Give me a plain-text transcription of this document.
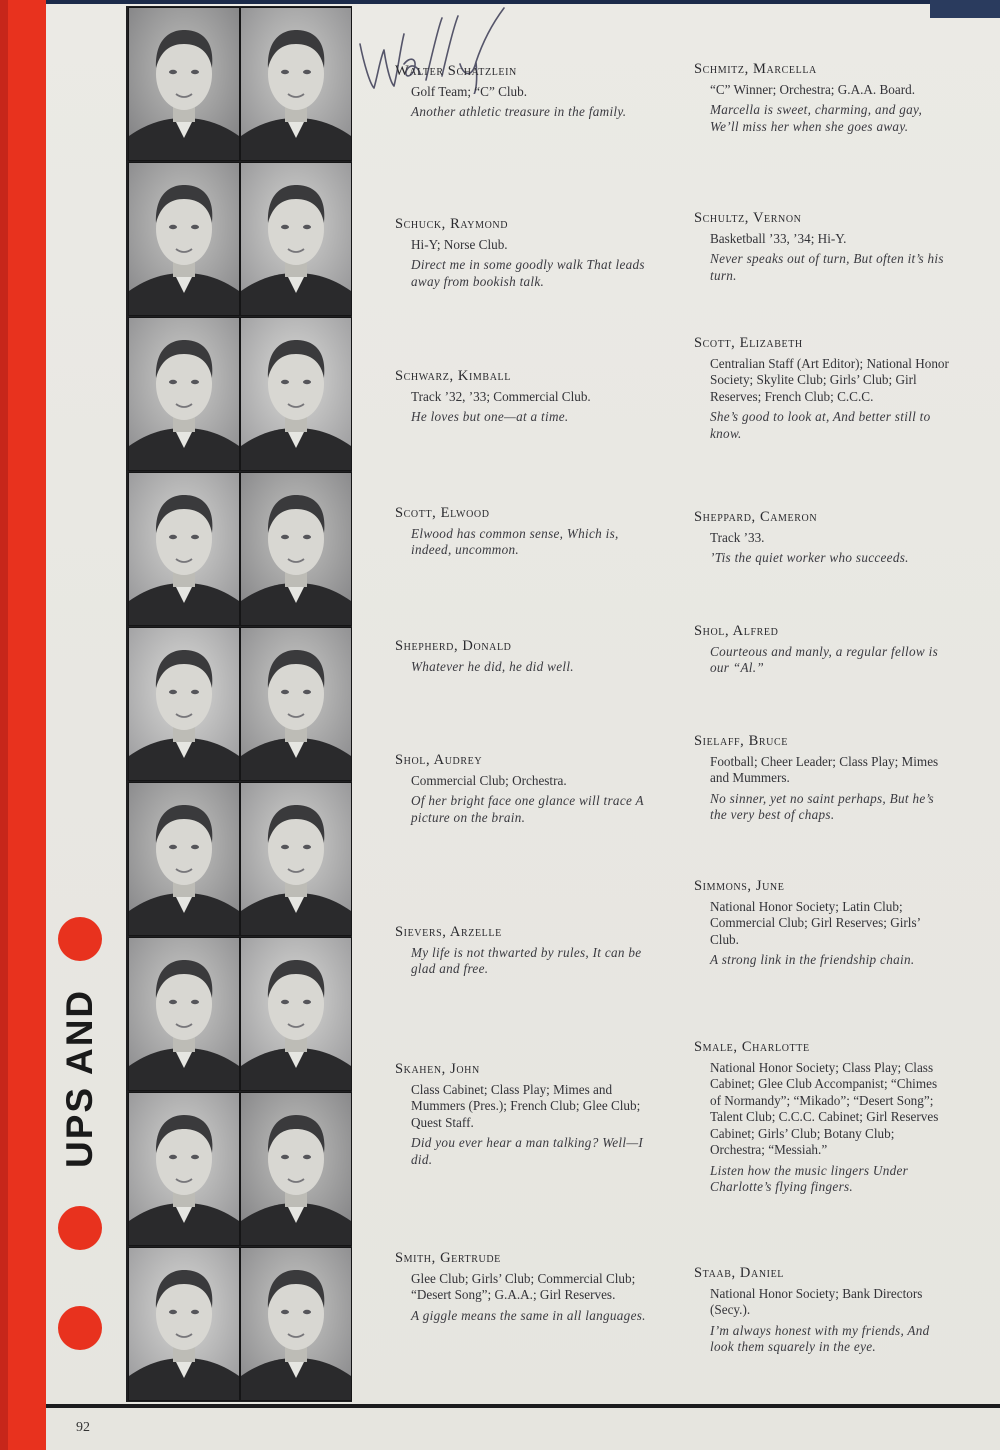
UPS AND
Walter Schatzlein
Golf Team; “C” Club.
Another athletic treasure in the family.
Schuck, Raymond
Hi-Y; Norse Club.
Direct me in some goodly walk That leads away from bookish talk.
Schwarz, Kimball
Track ’32, ’33; Commercial Club.
He loves but one—at a time.
Scott, Elwood
Elwood has common sense, Which is, indeed, uncommon.
Shepherd, Donald
Whatever he did, he did well.
Shol, Audrey
Commercial Club; Orchestra.
Of her bright face one glance will trace A picture on the brain.
Sievers, Arzelle
My life is not thwarted by rules, It can be glad and free.
Skahen, John
Class Cabinet; Class Play; Mimes and Mummers (Pres.); French Club; Glee Club; Quest Staff.
Did you ever hear a man talking? Well—I did.
Smith, Gertrude
Glee Club; Girls’ Club; Commercial Club; “Desert Song”; G.A.A.; Girl Reserves.
A giggle means the same in all languages.
Schmitz, Marcella
“C” Winner; Orchestra; G.A.A. Board.
Marcella is sweet, charming, and gay, We’ll miss her when she goes away.
Schultz, Vernon
Basketball ’33, ’34; Hi-Y.
Never speaks out of turn, But often it’s his turn.
Scott, Elizabeth
Centralian Staff (Art Editor); National Honor Society; Skylite Club; Girls’ Club; Girl Reserves; French Club; C.C.C.
She’s good to look at, And better still to know.
Sheppard, Cameron
Track ’33.
’Tis the quiet worker who succeeds.
Shol, Alfred
Courteous and manly, a regular fellow is our “Al.”
Sielaff, Bruce
Football; Cheer Leader; Class Play; Mimes and Mummers.
No sinner, yet no saint perhaps, But he’s the very best of chaps.
Simmons, June
National Honor Society; Latin Club; Commercial Club; Girl Reserves; Girls’ Club.
A strong link in the friendship chain.
Smale, Charlotte
National Honor Society; Class Play; Class Cabinet; Glee Club Accompanist; “Chimes of Normandy”; “Mikado”; “Desert Song”; Talent Club; C.C.C. Cabinet; Girl Reserves Cabinet; Girls’ Club; Botany Club; Orchestra; “Messiah.”
Listen how the music lingers Under Charlotte’s flying fingers.
Staab, Daniel
National Honor Society; Bank Directors (Secy.).
I’m always honest with my friends, And look them squarely in the eye.
92
